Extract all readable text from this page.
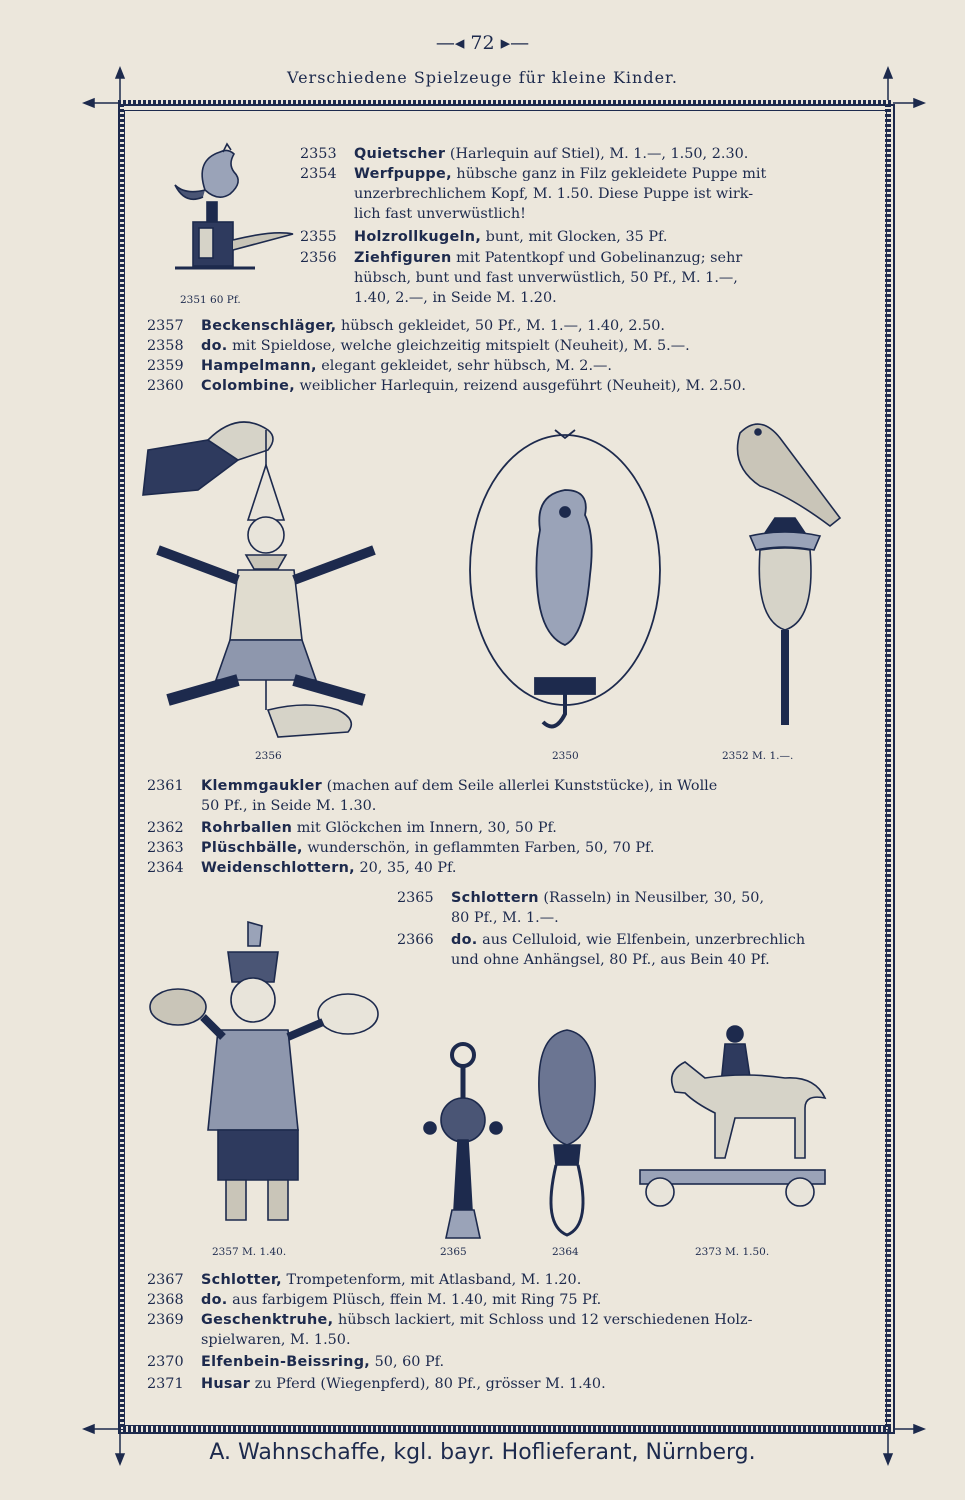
—◂ 72 ▸—
Verschiedene Spielzeuge für kleine Kinder.
2353 Quietscher (Harlequin auf Stiel), M. 1.—, 1.50, 2.30.
2354 Werfpuppe, hübsche ganz in Filz gekleidete Puppe mit
unzerbrechlichem Kopf, M. 1.50. Diese Puppe ist wirk-
lich fast unverwüstlich!
2355 Holzrollkugeln, bunt, mit Glocken, 35 Pf.
2356 Ziehfiguren mit Patentkopf und Gobelinanzug; sehr
hübsch, bunt und fast unverwüstlich, 50 Pf., M. 1.—,
1.40, 2.—, in Seide M. 1.20.
2351 60 Pf.
2357 Beckenschläger, hübsch gekleidet, 50 Pf., M. 1.—, 1.40, 2.50.
2358 do. mit Spieldose, welche gleichzeitig mitspielt (Neuheit), M. 5.—.
2359 Hampelmann, elegant gekleidet, sehr hübsch, M. 2.—.
2360 Colombine, weiblicher Harlequin, reizend ausgeführt (Neuheit), M. 2.50.
2356	2350	2352 M. 1.—.
2361 Klemmgaukler (machen auf dem Seile allerlei Kunststücke), in Wolle
50 Pf., in Seide M. 1.30.
2362 Rohrballen mit Glöckchen im Innern, 30, 50 Pf.
2363 Plüschbälle, wunderschön, in geflammten Farben, 50, 70 Pf.
2364 Weidenschlottern, 20, 35, 40 Pf.
2365 Schlottern (Rasseln) in Neusilber, 30, 50,
80 Pf., M. 1.—.
2366 do. aus Celluloid, wie Elfenbein, unzerbrechlich
und ohne Anhängsel, 80 Pf., aus Bein 40 Pf.
2357 M. 1.40.	2365	2364	2373 M. 1.50.
2367 Schlotter, Trompetenform, mit Atlasband, M. 1.20.
2368 do. aus farbigem Plüsch, ffein M. 1.40, mit Ring 75 Pf.
2369 Geschenktruhe, hübsch lackiert, mit Schloss und 12 verschiedenen Holz-
spielwaren, M. 1.50.
2370 Elfenbein-Beissring, 50, 60 Pf.
2371 Husar zu Pferd (Wiegenpferd), 80 Pf., grösser M. 1.40.
A. Wahnschaffe, kgl. bayr. Hoflieferant, Nürnberg.
